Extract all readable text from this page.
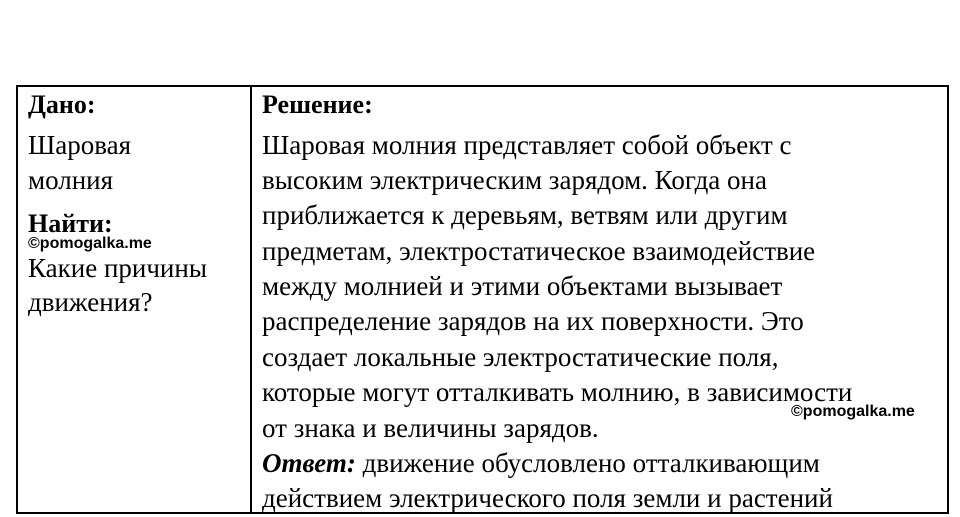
Дано:
Шаровая
молния
Найти:
©pomogalka.me
Какие причины
движения?
Решение:
Шаровая молния представляет собой объект с
высоким электрическим зарядом. Когда она
приближается к деревьям, ветвям или другим
предметам, электростатическое взаимодействие
между молнией и этими объектами вызывает
распределение зарядов на их поверхности. Это
создает локальные электростатические поля,
которые могут отталкивать молнию, в зависимости
©pomogalka.me
от знака и величины зарядов.
Ответ: движение обусловлено отталкивающим
действием электрического поля земли и растений
